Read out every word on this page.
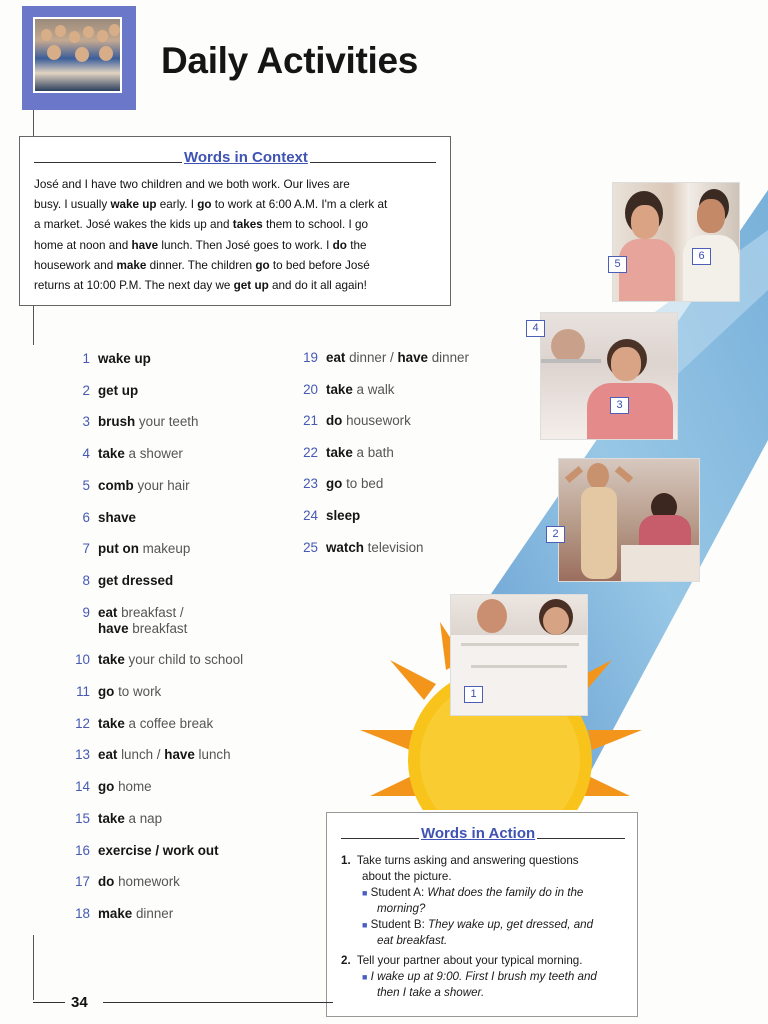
Daily Activities
Words in Context
José and I have two children and we both work. Our lives are
busy. I usually wake up early. I go to work at 6:00 A.M. I'm a clerk at
a market. José wakes the kids up and takes them to school. I go
home at noon and have lunch. Then José goes to work. I do the
housework and make dinner. The children go to bed before José
returns at 10:00 P.M. The next day we get up and do it all again!
1 wake up
2 get up
3 brush your teeth
4 take a shower
5 comb your hair
6 shave
7 put on makeup
8 get dressed
9 eat breakfast /
have breakfast
10 take your child to school
11 go to work
12 take a coffee break
13 eat lunch / have lunch
14 go home
15 take a nap
16 exercise / work out
17 do homework
18 make dinner
19 eat dinner / have dinner
20 take a walk
21 do housework
22 take a bath
23 go to bed
24 sleep
25 watch television
5
6
4
3
2
1
Words in Action
1. Take turns asking and answering questions
about the picture.
■ Student A: What does the family do in the
morning?
■ Student B: They wake up, get dressed, and
eat breakfast.
2. Tell your partner about your typical morning.
■ I wake up at 9:00. First I brush my teeth and
then I take a shower.
34
